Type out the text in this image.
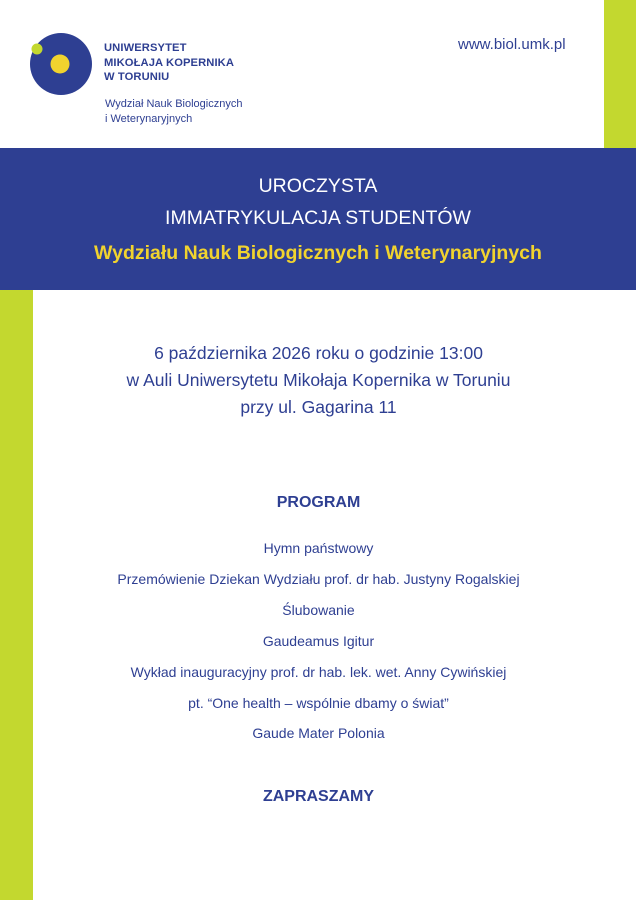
UNIWERSYTET
MIKOŁAJA KOPERNIKA
W TORUNIU
Wydział Nauk Biologicznych
i Weterynaryjnych
www.biol.umk.pl
UROCZYSTA
IMMATRYKULACJA STUDENTÓW
Wydziału Nauk Biologicznych i Weterynaryjnych
6 października 2026 roku o godzinie 13:00
w Auli Uniwersytetu Mikołaja Kopernika w Toruniu
przy ul. Gagarina 11
PROGRAM
Hymn państwowy
Przemówienie Dziekan Wydziału prof. dr hab. Justyny Rogalskiej
Ślubowanie
Gaudeamus Igitur
Wykład inauguracyjny prof. dr hab. lek. wet. Anny Cywińskiej
pt. “One health – wspólnie dbamy o świat”
Gaude Mater Polonia
ZAPRASZAMY
